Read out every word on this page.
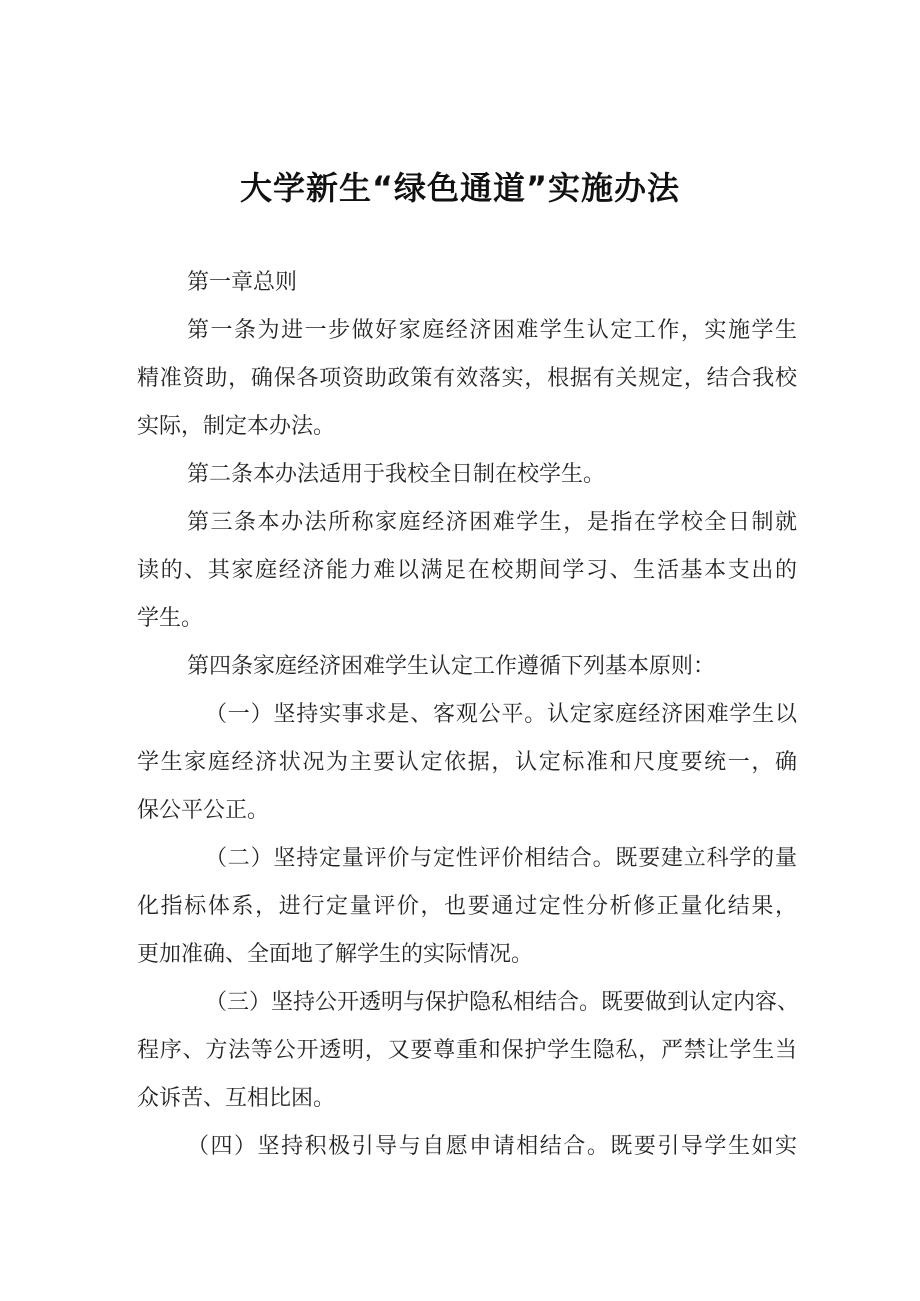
大学新生“绿色通道”实施办法
第一章总则
第一条为进一步做好家庭经济困难学生认定工作，实施学生
精准资助，确保各项资助政策有效落实，根据有关规定，结合我校
实际，制定本办法。
第二条本办法适用于我校全日制在校学生。
第三条本办法所称家庭经济困难学生，是指在学校全日制就
读的、其家庭经济能力难以满足在校期间学习、生活基本支出的
学生。
第四条家庭经济困难学生认定工作遵循下列基本原则：
（一）坚持实事求是、客观公平。认定家庭经济困难学生以
学生家庭经济状况为主要认定依据，认定标准和尺度要统一，确
保公平公正。
（二）坚持定量评价与定性评价相结合。既要建立科学的量
化指标体系，进行定量评价，也要通过定性分析修正量化结果，
更加准确、全面地了解学生的实际情况。
（三）坚持公开透明与保护隐私相结合。既要做到认定内容、
程序、方法等公开透明，又要尊重和保护学生隐私，严禁让学生当
众诉苦、互相比困。
（四）坚持积极引导与自愿申请相结合。既要引导学生如实
